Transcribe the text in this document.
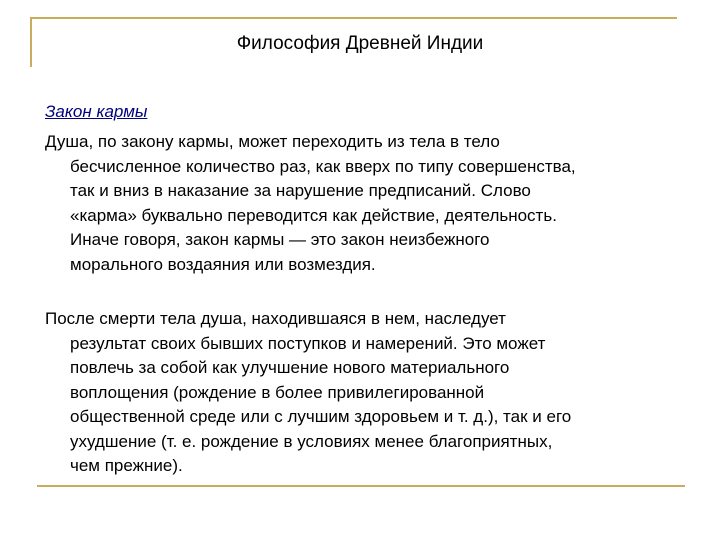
Философия Древней Индии
Закон кармы

Душа, по закону кармы, может переходить из тела в тело
бесчисленное количество раз, как вверх по типу совершенства,
так и вниз в наказание за нарушение предписаний. Слово
«карма» буквально переводится как действие, деятельность.
Иначе говоря, закон кармы — это закон неизбежного
морального воздаяния или возмездия.

После смерти тела душа, находившаяся в нем, наследует
результат своих бывших поступков и намерений. Это может
повлечь за собой как улучшение нового материального
воплощения (рождение в более привилегированной
общественной среде или с лучшим здоровьем и т. д.), так и его
ухудшение (т. е. рождение в условиях менее благоприятных,
чем прежние).
